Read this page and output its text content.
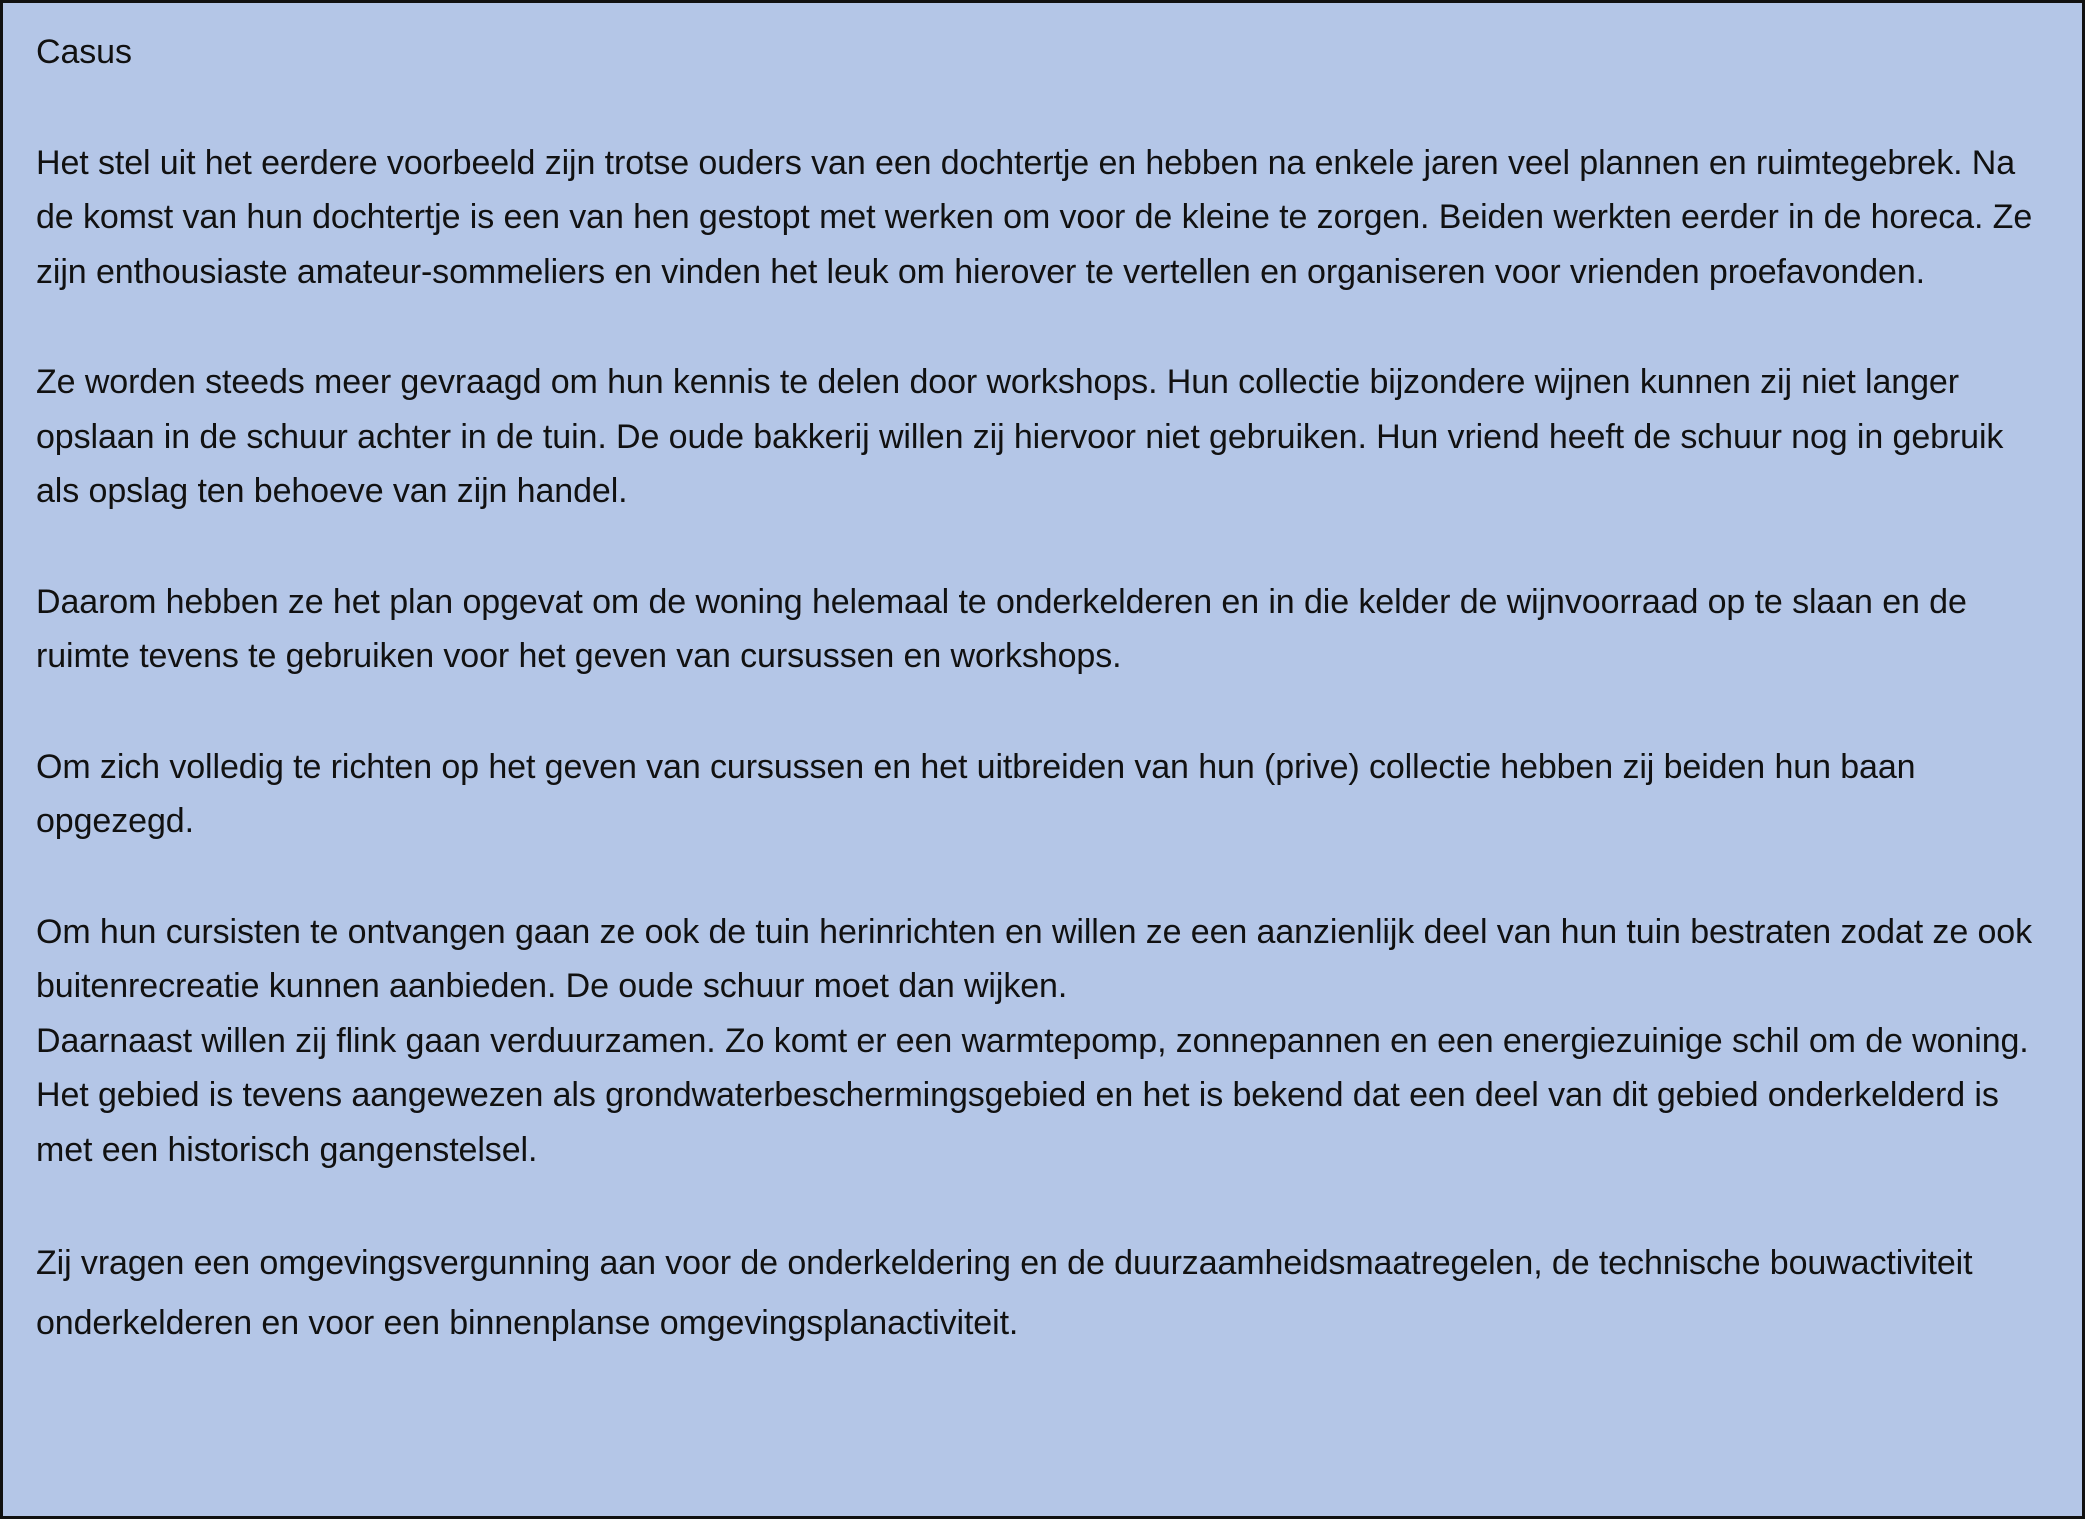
Casus

Het stel uit het eerdere voorbeeld zijn trotse ouders van een dochtertje en hebben na enkele jaren veel plannen en ruimtegebrek. Na de komst van hun dochtertje is een van hen gestopt met werken om voor de kleine te zorgen. Beiden werkten eerder in de horeca. Ze zijn enthousiaste amateur-sommeliers en vinden het leuk om hierover te vertellen en organiseren voor vrienden proefavonden.

Ze worden steeds meer gevraagd om hun kennis te delen door workshops. Hun collectie bijzondere wijnen kunnen zij niet langer opslaan in de schuur achter in de tuin. De oude bakkerij willen zij hiervoor niet gebruiken. Hun vriend heeft de schuur nog in gebruik als opslag ten behoeve van zijn handel.

Daarom hebben ze het plan opgevat om de woning helemaal te onderkelderen en in die kelder de wijnvoorraad op te slaan en de ruimte tevens te gebruiken voor het geven van cursussen en workshops.

Om zich volledig te richten op het geven van cursussen en het uitbreiden van hun (prive) collectie hebben zij beiden hun baan opgezegd.

Om hun cursisten te ontvangen gaan ze ook de tuin herinrichten en willen ze een aanzienlijk deel van hun tuin bestraten zodat ze ook buitenrecreatie kunnen aanbieden. De oude schuur moet dan wijken.

Daarnaast willen zij flink gaan verduurzamen. Zo komt er een warmtepomp, zonnepannen en een energiezuinige schil om de woning. Het gebied is tevens aangewezen als grondwaterbeschermingsgebied en het is bekend dat een deel van dit gebied onderkelderd is met een historisch gangenstelsel.

Zij vragen een omgevingsvergunning aan voor de onderkeldering en de duurzaamheidsmaatregelen, de technische bouwactiviteit onderkelderen en voor een binnenplanse omgevingsplanactiviteit.
